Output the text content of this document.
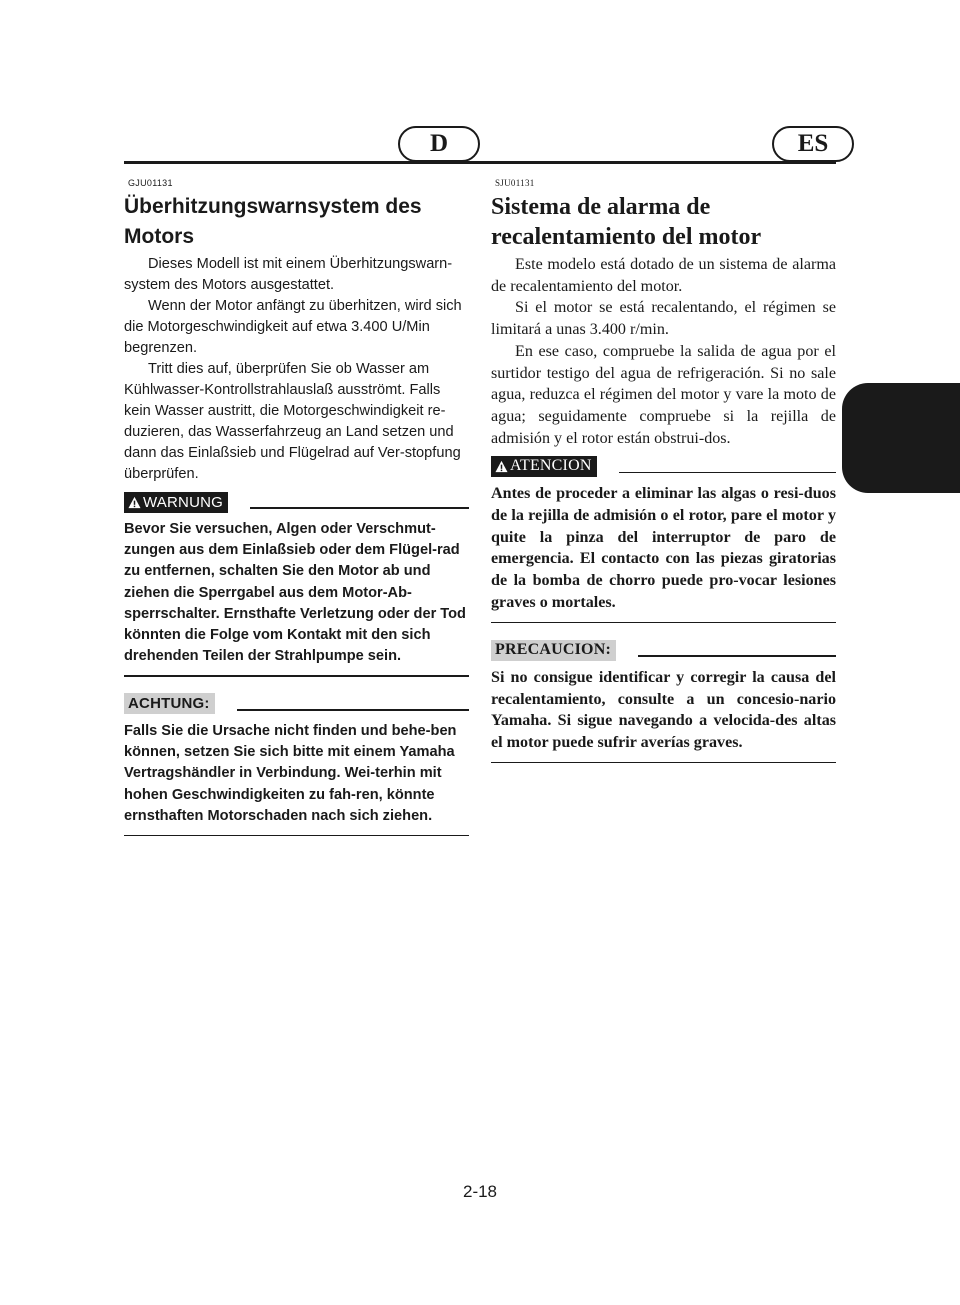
D	ES
GJU01131
Überhitzungswarnsystem des Motors

Dieses Modell ist mit einem Überhitzungswarn-system des Motors ausgestattet.

Wenn der Motor anfängt zu überhitzen, wird sich die Motorgeschwindigkeit auf etwa 3.400 U/Min begrenzen.

Tritt dies auf, überprüfen Sie ob Wasser am Kühlwasser-Kontrollstrahlauslaß ausströmt. Falls kein Wasser austritt, die Motorgeschwindigkeit re-duzieren, das Wasserfahrzeug an Land setzen und dann das Einlaßsieb und Flügelrad auf Ver-stopfung überprüfen.

WARNUNG

Bevor Sie versuchen, Algen oder Verschmut-zungen aus dem Einlaßsieb oder dem Flügel-rad zu entfernen, schalten Sie den Motor ab und ziehen die Sperrgabel aus dem Motor-Ab-sperrschalter. Ernsthafte Verletzung oder der Tod könnten die Folge vom Kontakt mit den sich drehenden Teilen der Strahlpumpe sein.

ACHTUNG:

Falls Sie die Ursache nicht finden und behe-ben können, setzen Sie sich bitte mit einem Yamaha Vertragshändler in Verbindung. Wei-terhin mit hohen Geschwindigkeiten zu fah-ren, könnte ernsthaften Motorschaden nach sich ziehen.

SJU01131
Sistema de alarma de recalentamiento del motor

Este modelo está dotado de un sistema de alarma de recalentamiento del motor.

Si el motor se está recalentando, el régimen se limitará a unas 3.400 r/min.

En ese caso, compruebe la salida de agua por el surtidor testigo del agua de refrigeración. Si no sale agua, reduzca el régimen del motor y vare la moto de agua; seguidamente compruebe si la rejilla de admisión y el rotor están obstrui-dos.

ATENCION

Antes de proceder a eliminar las algas o resi-duos de la rejilla de admisión o el rotor, pare el motor y quite la pinza del interruptor de paro de emergencia. El contacto con las piezas giratorias de la bomba de chorro puede pro-vocar lesiones graves o mortales.

PRECAUCION:

Si no consigue identificar y corregir la causa del recalentamiento, consulte a un concesio-nario Yamaha. Si sigue navegando a velocida-des altas el motor puede sufrir averías graves.

2-18
